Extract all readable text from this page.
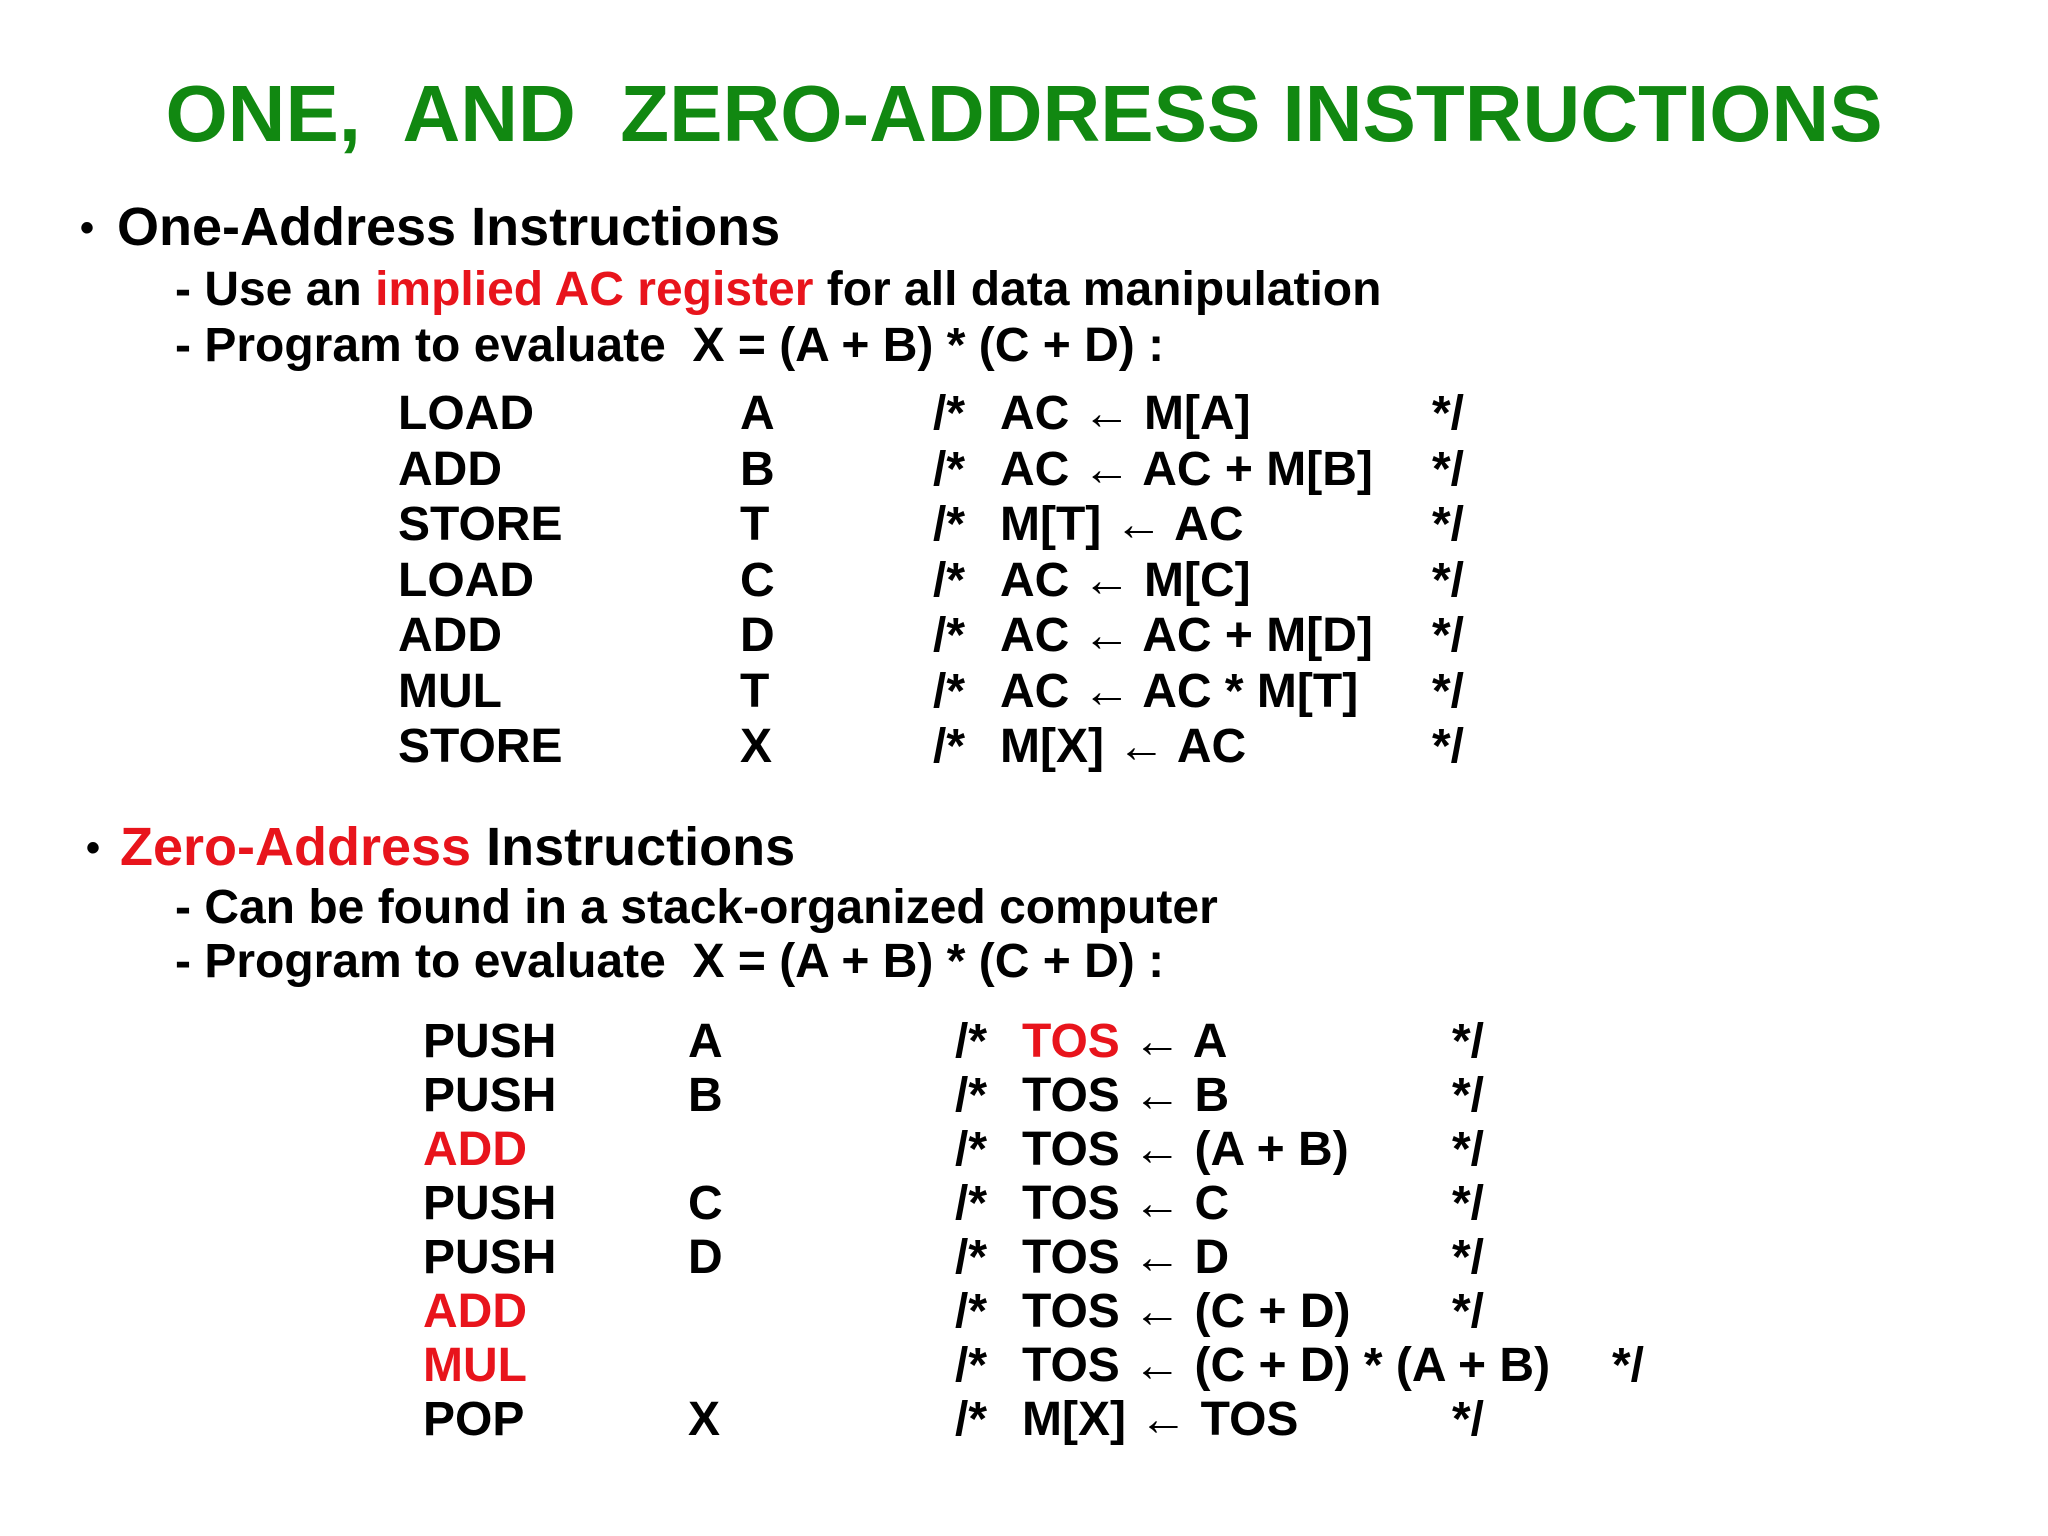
ONE,  AND  ZERO-ADDRESS INSTRUCTIONS
• One-Address Instructions
- Use an implied AC register for all data manipulation
- Program to evaluate  X = (A + B) * (C + D) :
LOAD	A	/* AC ← M[A]	*/
ADD	B	/* AC ← AC + M[B] */
STORE	T	/* M[T] ← AC	*/
LOAD	C	/* AC ← M[C]	*/
ADD	D	/* AC ← AC + M[D] */
MUL	T	/* AC ← AC * M[T] */
STORE	X	/* M[X] ← AC	*/
• Zero-Address Instructions
- Can be found in a stack-organized computer
- Program to evaluate  X = (A + B) * (C + D) :
PUSH	A	/* TOS ← A	*/
PUSH	B	/* TOS ← B	*/
ADD	/* TOS ← (A + B) */
PUSH	C	/* TOS ← C	*/
PUSH	D	/* TOS ← D	*/
ADD	/* TOS ← (C + D) */
MUL	/* TOS ← (C + D) * (A + B) */
POP	X	/* M[X] ← TOS	*/
